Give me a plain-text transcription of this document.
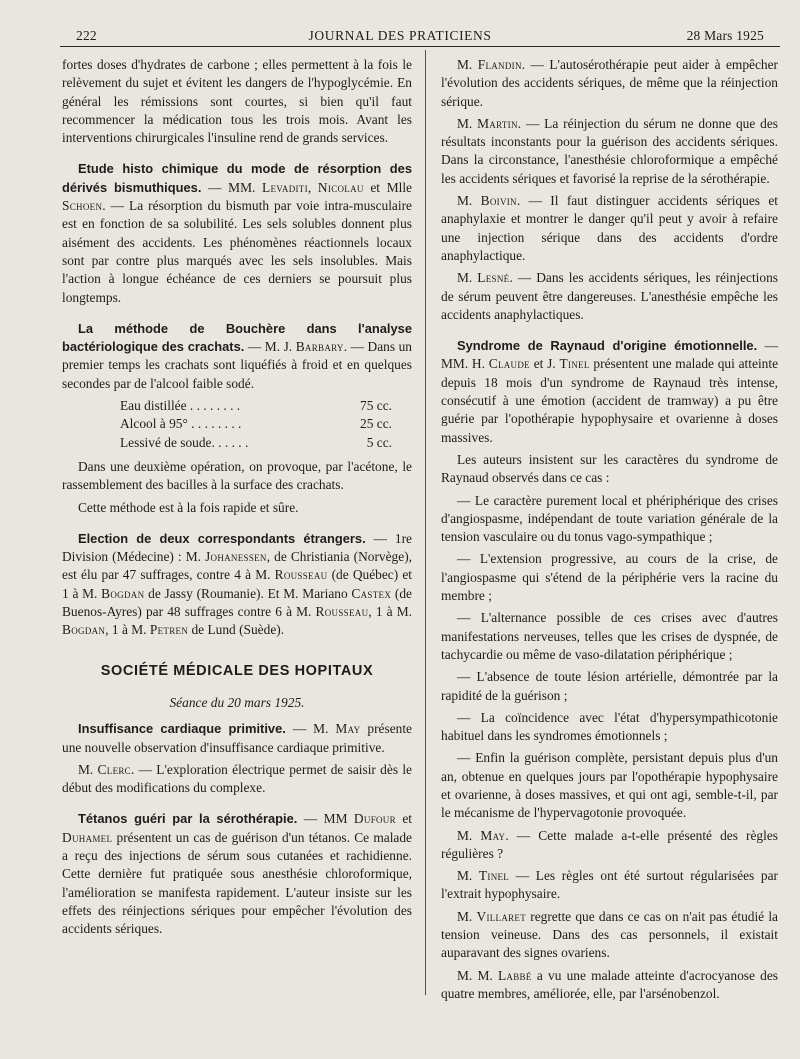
222	JOURNAL DES PRATICIENS	28 Mars 1925

fortes doses d'hydrates de carbone ; elles permettent à la fois le relèvement du sujet et évitent les dangers de l'hypoglycémie. En général les rémissions sont courtes, si bien qu'il faut recommencer la médication tous les trois mois. Avant les interventions chirurgicales l'insuline rend de grands services.

Etude histo chimique du mode de résorption des dérivés bismuthiques. — MM. Levaditi, Nicolau et Mlle Schoen. — La résorption du bismuth par voie intra-musculaire est en fonction de sa solubilité. Les sels solubles donnent plus aisément des accidents. Les phénomènes réactionnels locaux sont par contre plus marqués avec les sels insolubles. Mais l'action à longue échéance de ces derniers se poursuit plus longtemps.

La méthode de Bouchère dans l'analyse bactériologique des crachats. — M. J. Barbary. — Dans un premier temps les crachats sont liquéfiés à froid et en quelques secondes par de l'alcool faible sodé.

Eau distillée . . . . . . . .	75 cc.
Alcool à 95° . . . . . . . .	25 cc.
Lessivé de soude. . . . . .	5 cc.

Dans une deuxième opération, on provoque, par l'acétone, le rassemblement des bacilles à la surface des crachats.

Cette méthode est à la fois rapide et sûre.

Election de deux correspondants étrangers. — 1re Division (Médecine) : M. Johanessen, de Christiania (Norvège), est élu par 47 suffrages, contre 4 à M. Rousseau (de Québec) et 1 à M. Bogdan de Jassy (Roumanie). Et M. Mariano Castex (de Buenos-Ayres) par 48 suffrages contre 6 à M. Rousseau, 1 à M. Bogdan, 1 à M. Petren de Lund (Suède).

SOCIÉTÉ MÉDICALE DES HOPITAUX
Séance du 20 mars 1925.

Insuffisance cardiaque primitive. — M. May présente une nouvelle observation d'insuffisance cardiaque primitive.

M. Clerc. — L'exploration électrique permet de saisir dès le début des modifications du complexe.

Tétanos guéri par la sérothérapie. — MM Dufour et Duhamel présentent un cas de guérison d'un tétanos. Ce malade a reçu des injections de sérum sous cutanées et rachidienne. Cette dernière fut pratiquée sous anesthésie chloroformique, l'amélioration se manifesta rapidement. L'auteur insiste sur les effets des réinjections sériques pour empêcher l'évolution des accidents sériques.

M. Flandin. — L'autosérothérapie peut aider à empêcher l'évolution des accidents sériques, de même que la réinjection sérique.

M. Martin. — La réinjection du sérum ne donne que des résultats inconstants pour la guérison des accidents sériques. Dans la circonstance, l'anesthésie chloroformique a empêché les accidents sériques et favorisé la reprise de la sérothérapie.

M. Boivin. — Il faut distinguer accidents sériques et anaphylaxie et montrer le danger qu'il peut y avoir à refaire une injection sérique dans des accidents d'ordre anaphylactique.

M. Lesné. — Dans les accidents sériques, les réinjections de sérum peuvent être dangereuses. L'anesthésie empêche les accidents anaphylactiques.

Syndrome de Raynaud d'origine émotionnelle. — MM. H. Claude et J. Tinel présentent une malade qui atteinte depuis 18 mois d'un syndrome de Raynaud très intense, consécutif à une émotion (accident de tramway) a pu être guérie par l'opothérapie hypophysaire et ovarienne à doses massives.

Les auteurs insistent sur les caractères du syndrome de Raynaud observés dans ce cas :

— Le caractère purement local et phériphérique des crises d'angiospasme, indépendant de toute variation générale de la tension vasculaire ou du tonus vago-sympathique ;

— L'extension progressive, au cours de la crise, de l'angiospasme qui s'étend de la périphérie vers la racine du membre ;

— L'alternance possible de ces crises avec d'autres manifestations nerveuses, telles que les crises de dyspnée, de tachycardie ou même de vaso-dilatation périphérique ;

— L'absence de toute lésion artérielle, démontrée par la rapidité de la guérison ;

— La coïncidence avec l'état d'hypersympathicotonie habituel dans les syndromes émotionnels ;

— Enfin la guérison complète, persistant depuis plus d'un an, obtenue en quelques jours par l'opothérapie hypophysaire et ovarienne, à doses massives, et qui ont agi, semble-t-il, par le mécanisme de l'hypervagotonie provoquée.

M. May. — Cette malade a-t-elle présenté des règles régulières ?

M. Tinel — Les règles ont été surtout régularisées par l'extrait hypophysaire.

M. Villaret regrette que dans ce cas on n'ait pas étudié la tension veineuse. Dans des cas personnels, il existait auparavant des signes ovariens.

M. M. Labbé a vu une malade atteinte d'acrocyanose des quatre membres, améliorée, elle, par l'arsénobenzol.
